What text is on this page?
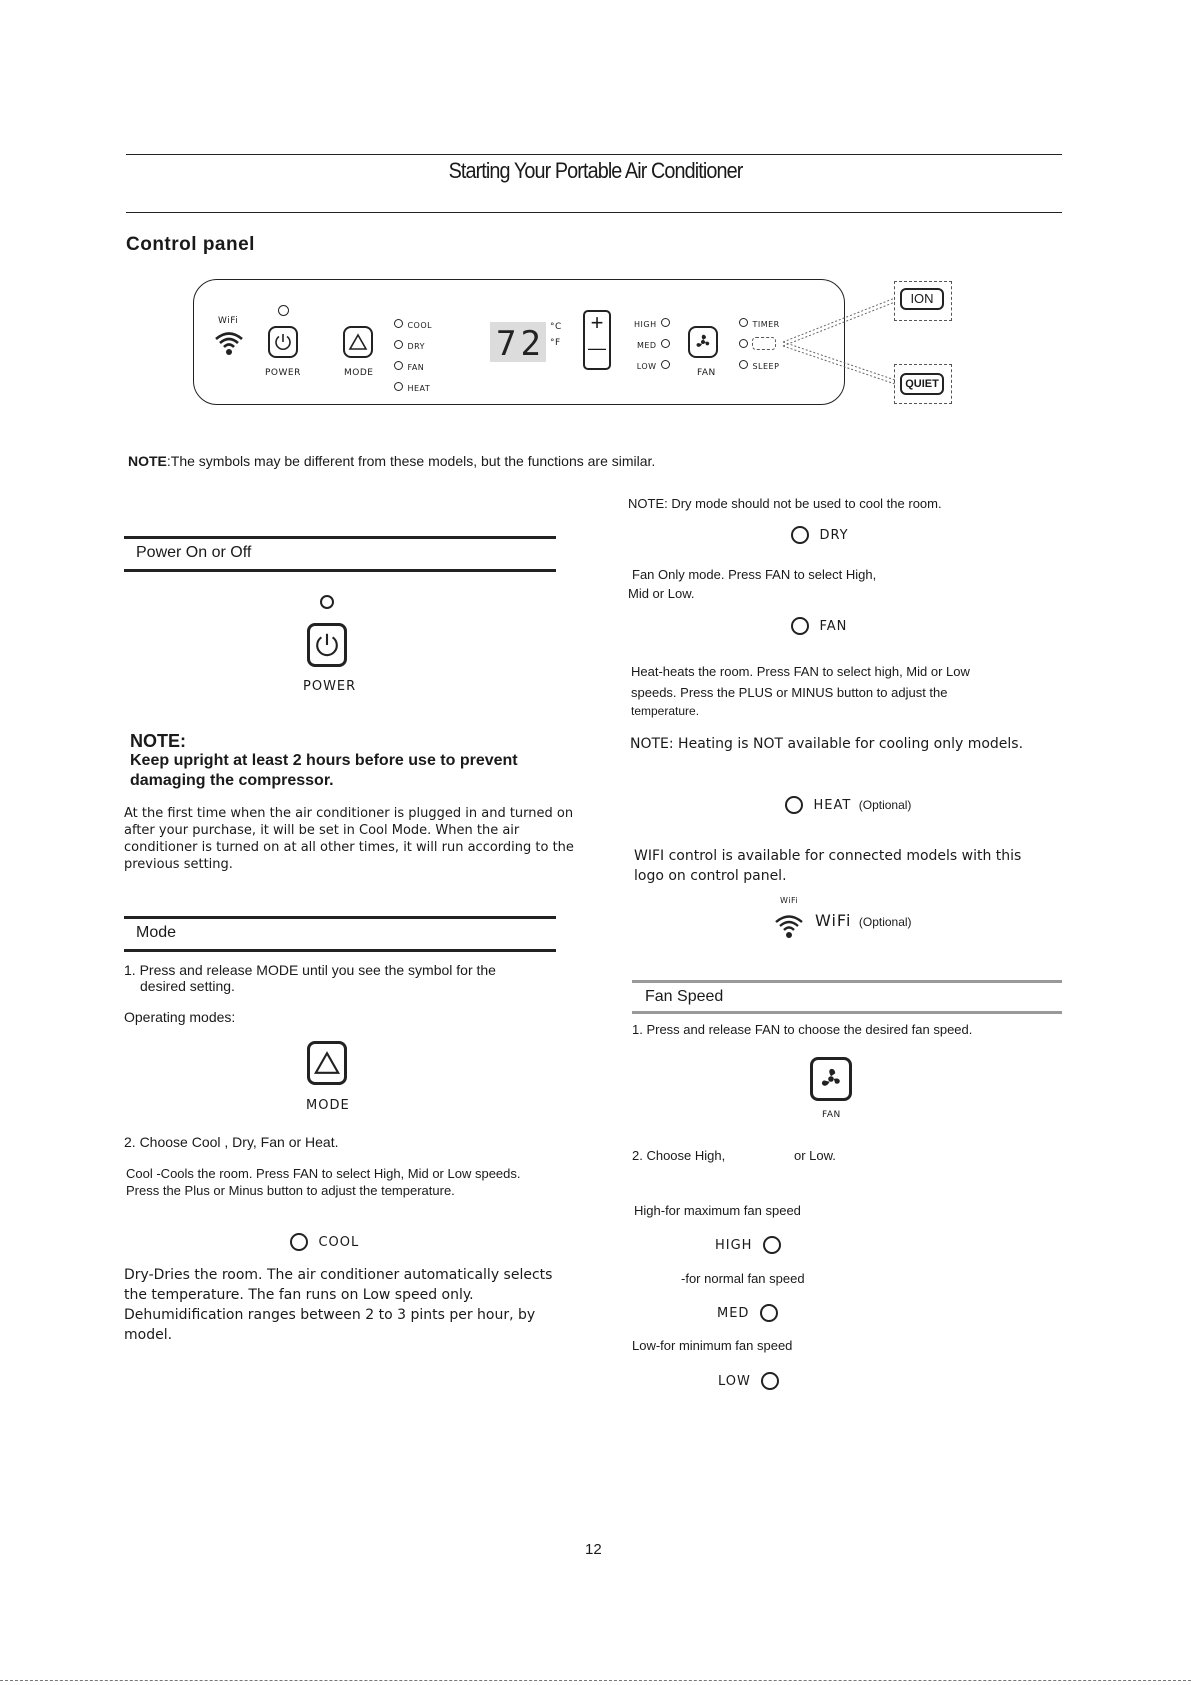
Starting Your Portable Air Conditioner
Control panel
WiFi
POWER	MODE
COOL
DRY
FAN
HEAT
72 °C
°F
+
—
HIGH
MED
LOW
FAN
TIMER

SLEEP
ION
QUIET
NOTE:The symbols may be different from these models, but the functions are similar.
Power On or Off
POWER
NOTE:
Keep upright at least 2 hours before use to prevent damaging the compressor.
At the first time when the air conditioner is plugged in and turned on after your purchase, it will be set in Cool Mode. When the air conditioner is turned on at all other times, it will run according to the previous setting.
Mode
1. Press and release MODE until you see the symbol for the
desired setting.
Operating modes:
MODE
2. Choose Cool , Dry, Fan or Heat.
Cool -Cools the room. Press FAN to select High, Mid or Low speeds. Press the Plus or Minus button to adjust the temperature.
COOL
Dry-Dries the room. The air conditioner automatically selects the temperature. The fan runs on Low speed only. Dehumidification ranges between 2 to 3 pints per hour, by model.
NOTE: Dry mode should not be used to cool the room.
DRY
Fan Only mode. Press FAN to select High,
Mid or Low.
FAN
Heat-heats the room. Press FAN to select high, Mid or Low
speeds. Press the PLUS or MINUS button to adjust the
temperature.
NOTE: Heating is NOT available for cooling only models.
HEAT (Optional)
WIFI control is available for connected models with this logo on control panel.
WiFi
WiFi (Optional)
Fan Speed
1. Press and release FAN to choose the desired fan speed.
FAN
2. Choose High,	or Low.
High-for maximum fan speed
HIGH
-for normal fan speed
MED
Low-for minimum fan speed
LOW
12
